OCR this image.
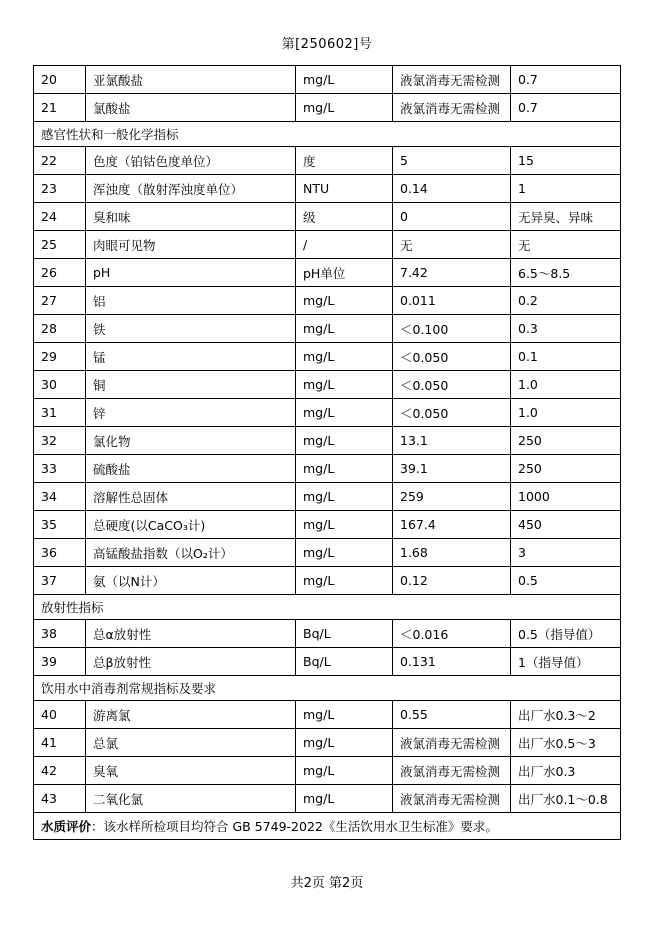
第[250602]号
20	亚氯酸盐	mg/L	液氯消毒无需检测	0.7
21	氯酸盐	mg/L	液氯消毒无需检测	0.7
感官性状和一般化学指标				
22	色度（铂钴色度单位）	度	5	15
23	浑浊度（散射浑浊度单位）	NTU	0.14	1
24	臭和味	级	0	无异臭、异味
25	肉眼可见物	/	无	无
26	pH	pH单位	7.42	6.5～8.5
27	铝	mg/L	0.011	0.2
28	铁	mg/L	＜0.100	0.3
29	锰	mg/L	＜0.050	0.1
30	铜	mg/L	＜0.050	1.0
31	锌	mg/L	＜0.050	1.0
32	氯化物	mg/L	13.1	250
33	硫酸盐	mg/L	39.1	250
34	溶解性总固体	mg/L	259	1000
35	总硬度(以CaCO₃计)	mg/L	167.4	450
36	高锰酸盐指数（以O₂计）	mg/L	1.68	3
37	氨（以N计）	mg/L	0.12	0.5
放射性指标				
38	总α放射性	Bq/L	＜0.016	0.5（指导值）
39	总β放射性	Bq/L	0.131	1（指导值）
饮用水中消毒剂常规指标及要求				
40	游离氯	mg/L	0.55	出厂水0.3～2
41	总氯	mg/L	液氯消毒无需检测	出厂水0.5～3
42	臭氧	mg/L	液氯消毒无需检测	出厂水0.3
43	二氧化氯	mg/L	液氯消毒无需检测	出厂水0.1～0.8
水质评价：该水样所检项目均符合 GB 5749-2022《生活饮用水卫生标准》要求。				
共2页 第2页
